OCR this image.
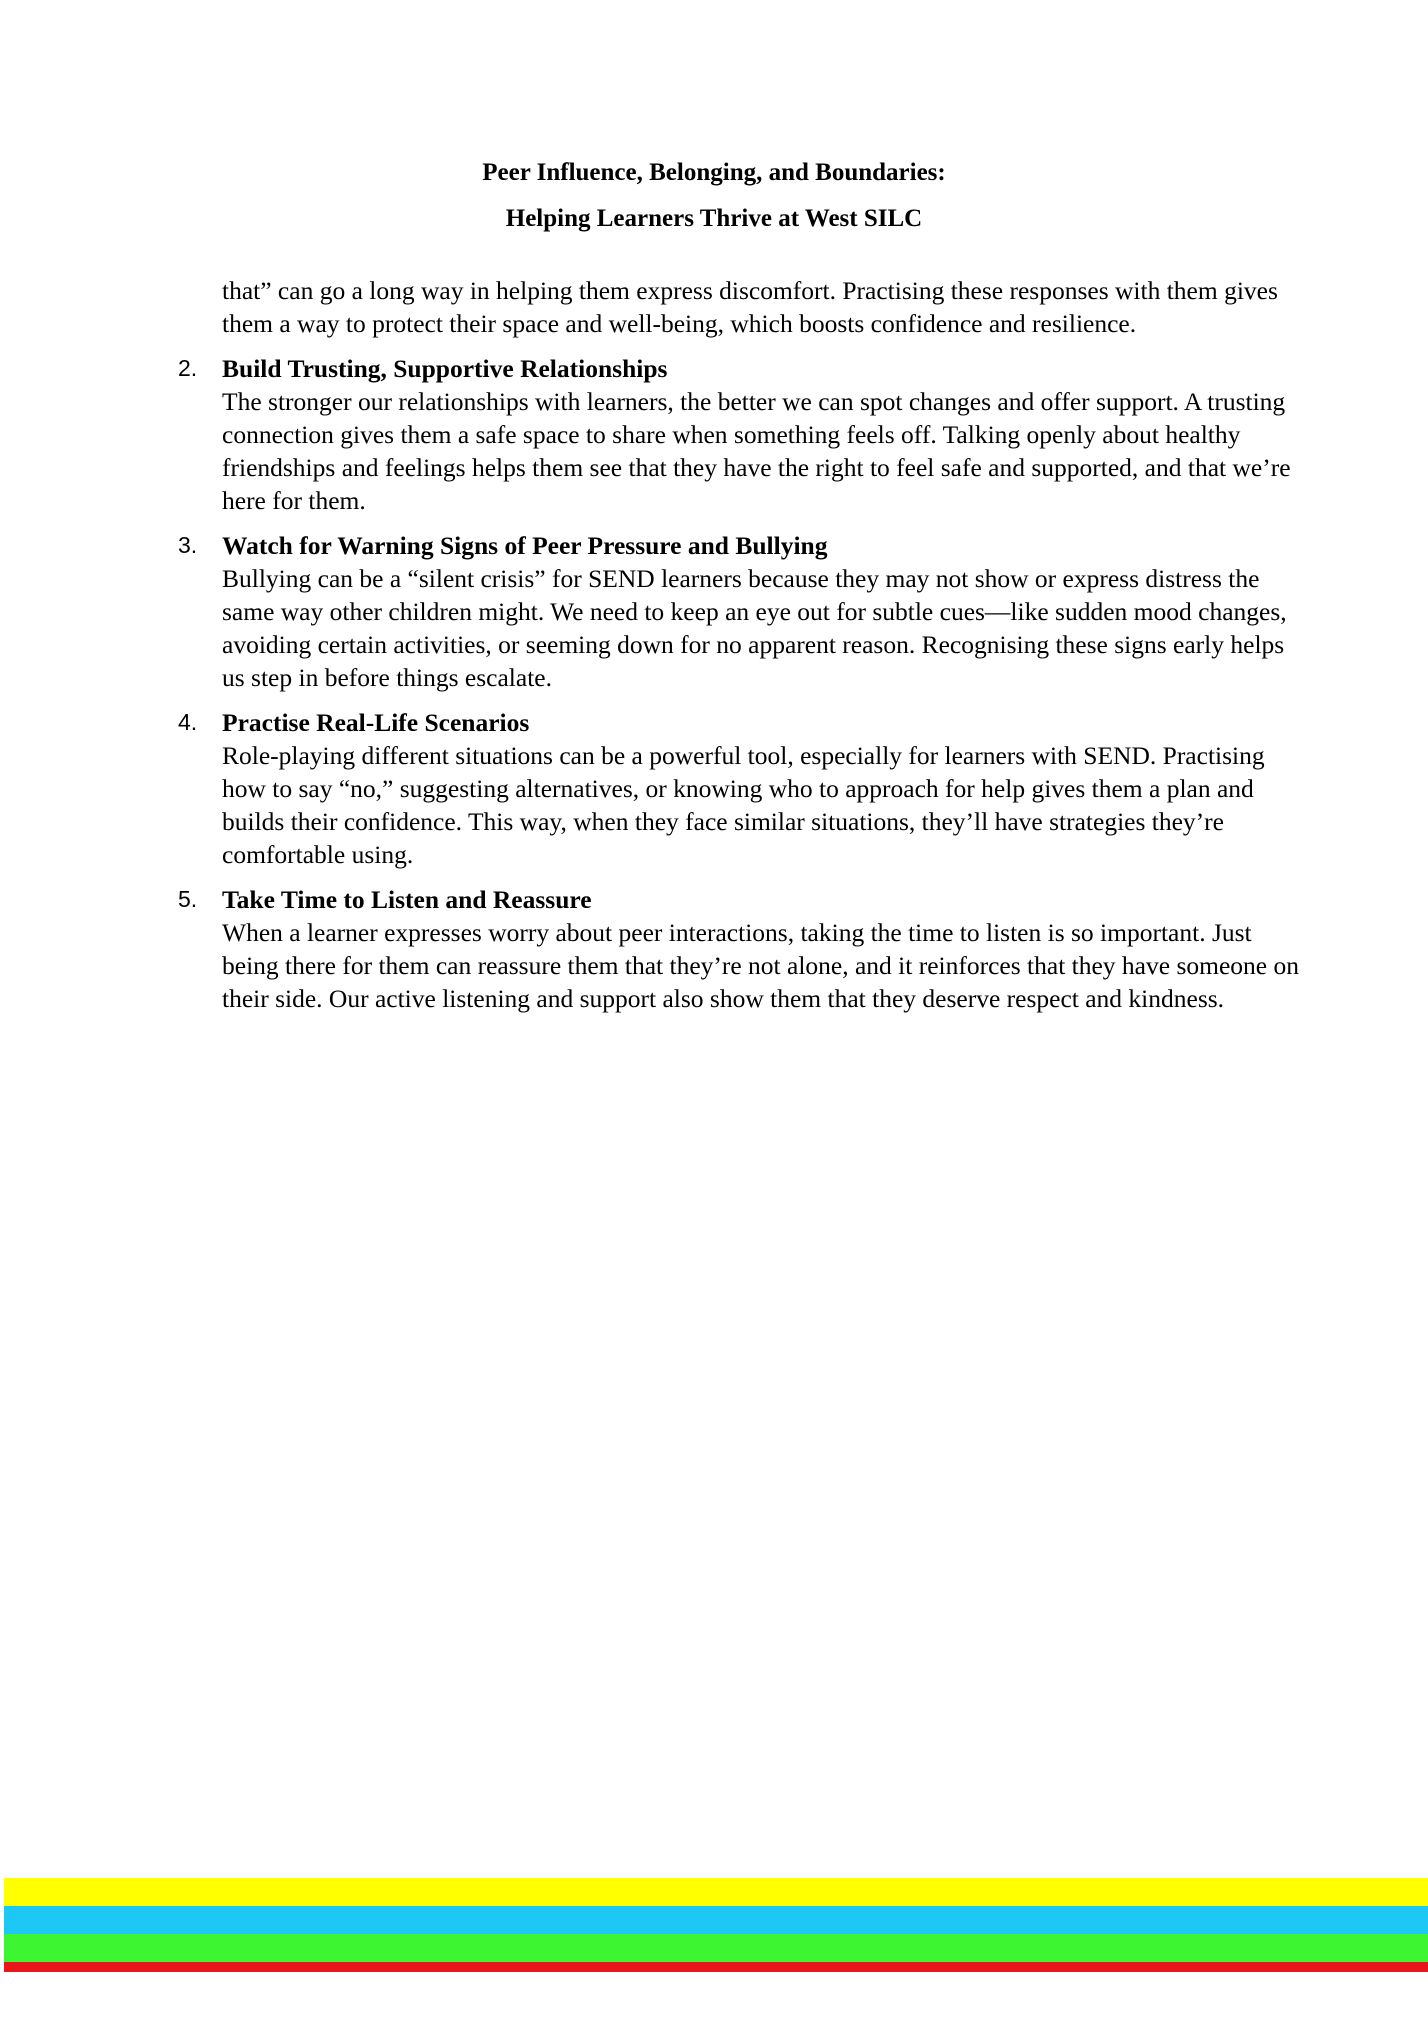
Peer Influence, Belonging, and Boundaries:
Helping Learners Thrive at West SILC

that” can go a long way in helping them express discomfort. Practising these responses with them gives them a way to protect their space and well-being, which boosts confidence and resilience.

2. Build Trusting, Supportive Relationships
The stronger our relationships with learners, the better we can spot changes and offer support. A trusting connection gives them a safe space to share when something feels off. Talking openly about healthy friendships and feelings helps them see that they have the right to feel safe and supported, and that we’re here for them.
3. Watch for Warning Signs of Peer Pressure and Bullying
Bullying can be a “silent crisis” for SEND learners because they may not show or express distress the same way other children might. We need to keep an eye out for subtle cues—like sudden mood changes, avoiding certain activities, or seeming down for no apparent reason. Recognising these signs early helps us step in before things escalate.
4. Practise Real-Life Scenarios
Role-playing different situations can be a powerful tool, especially for learners with SEND. Practising how to say “no,” suggesting alternatives, or knowing who to approach for help gives them a plan and builds their confidence. This way, when they face similar situations, they’ll have strategies they’re comfortable using.
5. Take Time to Listen and Reassure
When a learner expresses worry about peer interactions, taking the time to listen is so important. Just being there for them can reassure them that they’re not alone, and it reinforces that they have someone on their side. Our active listening and support also show them that they deserve respect and kindness.
